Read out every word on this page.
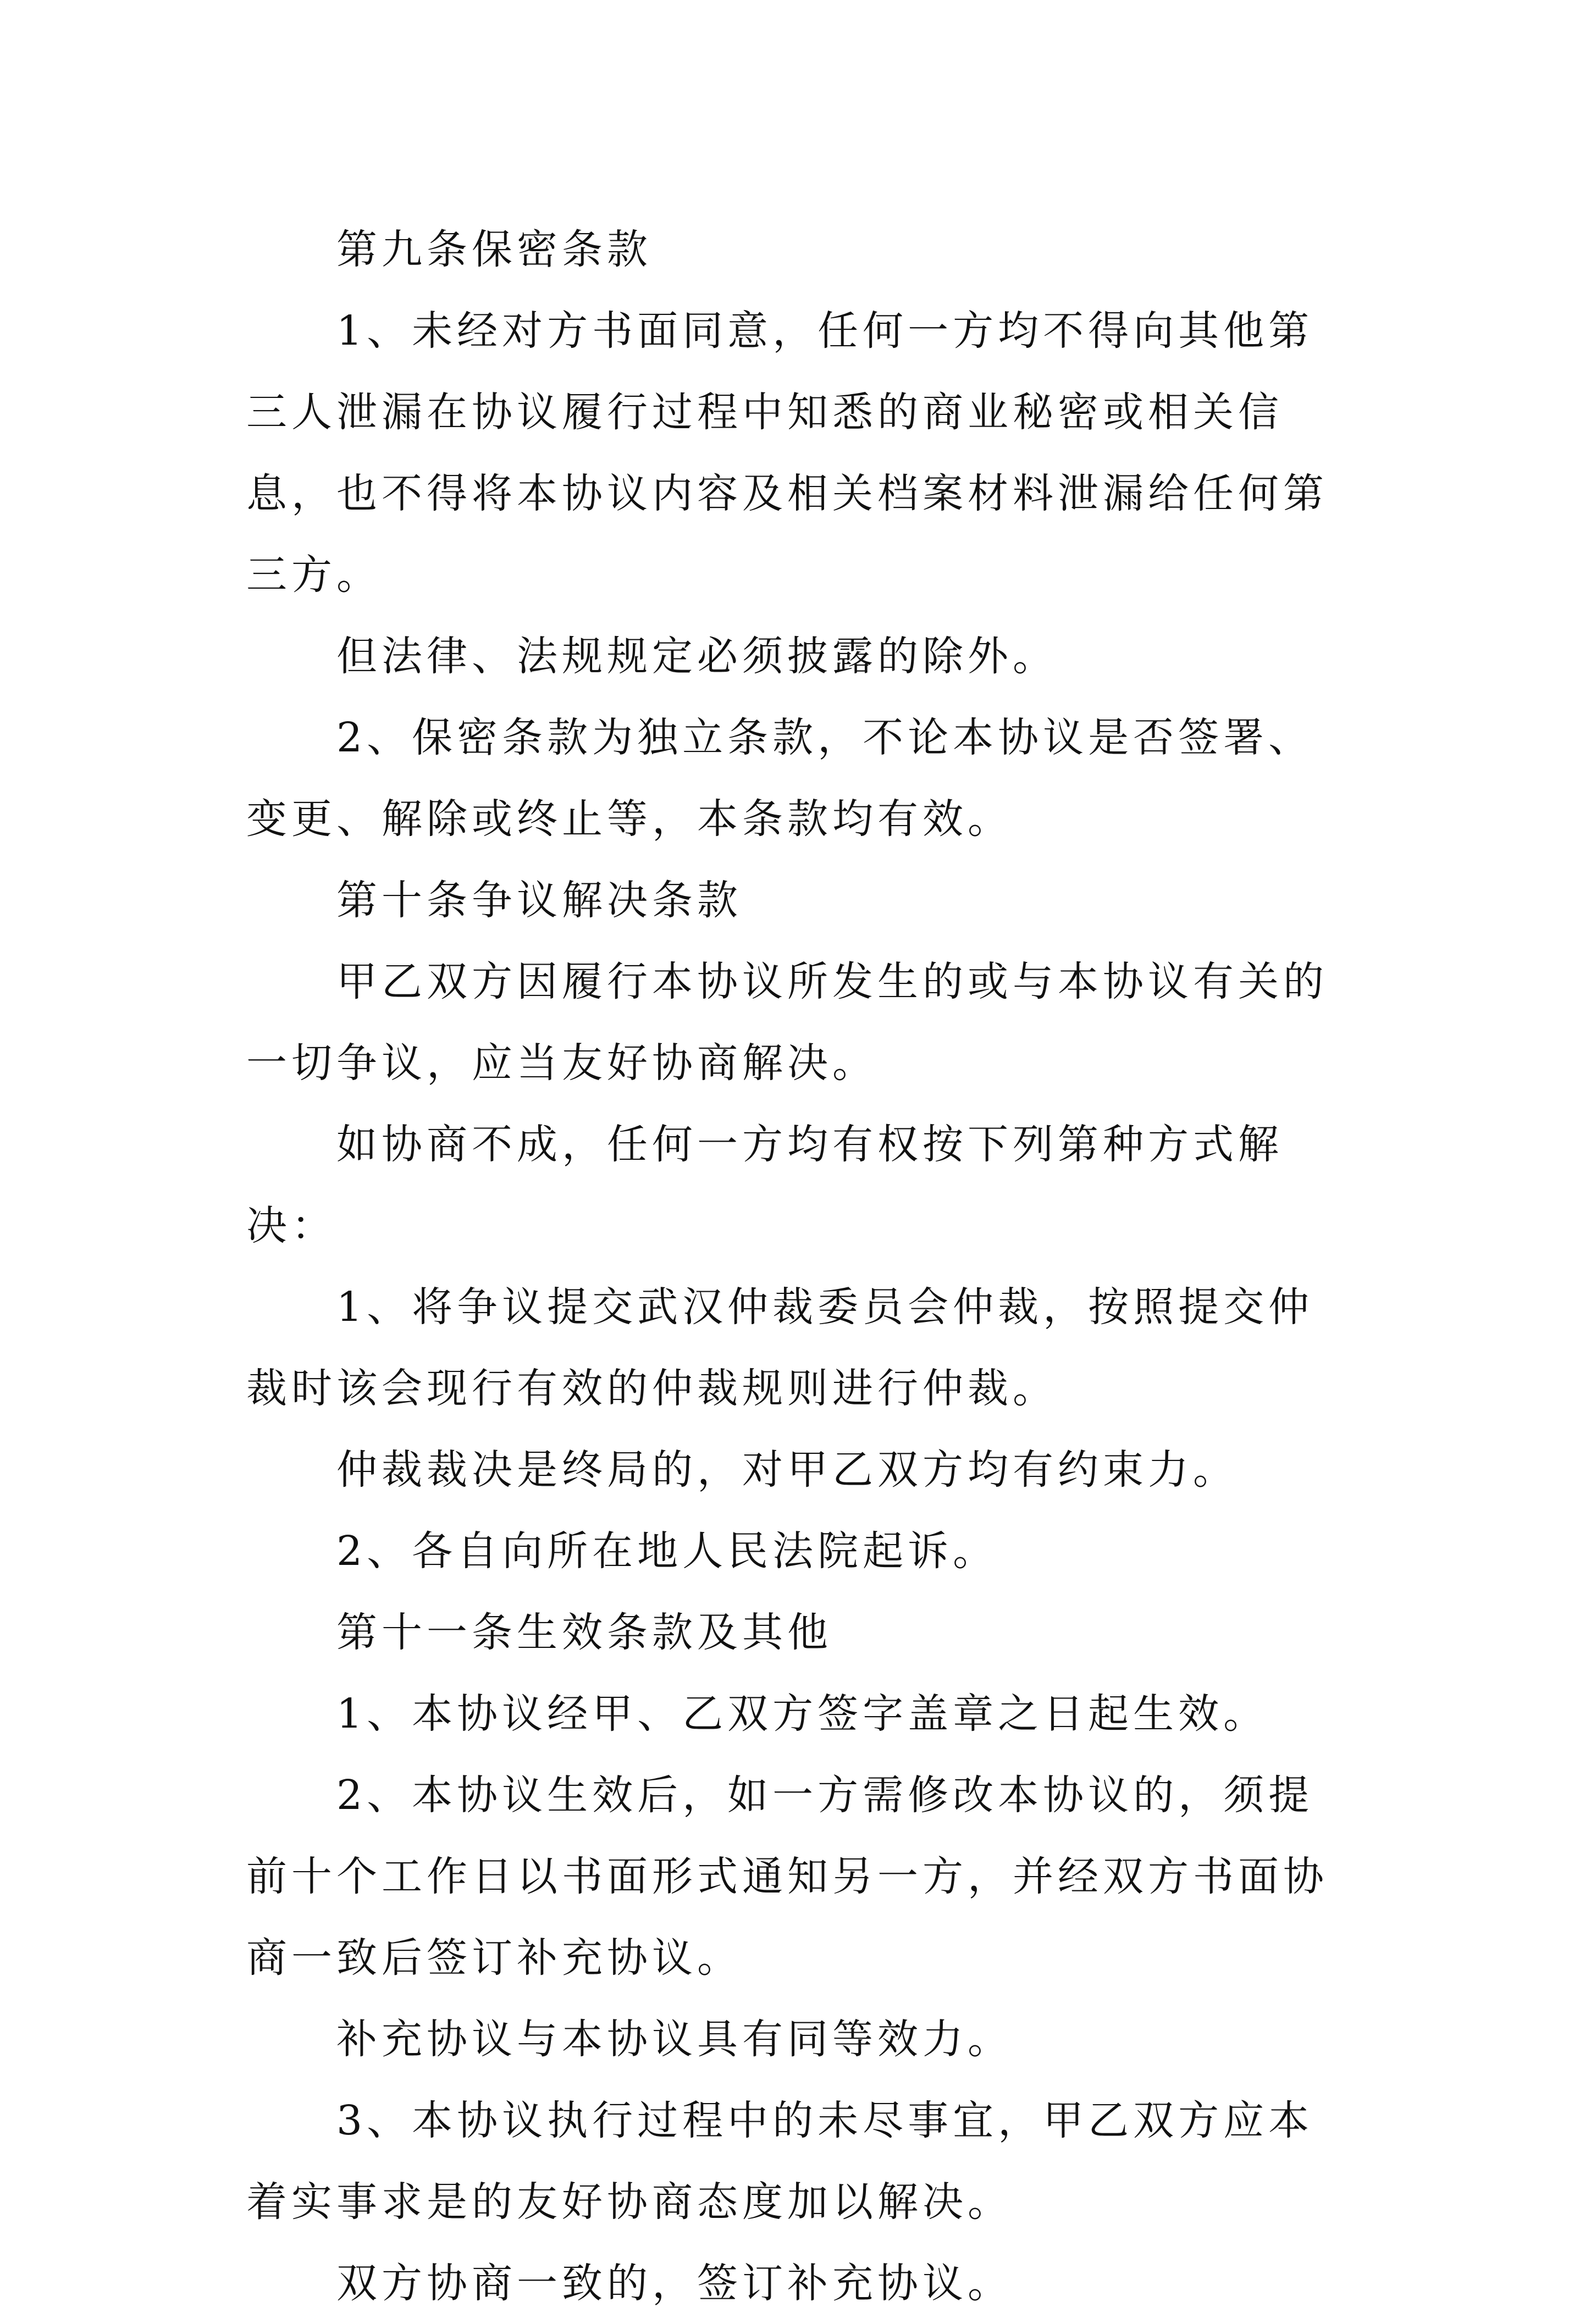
第九条保密条款

1、未经对方书面同意，任何一方均不得向其他第三人泄漏在协议履行过程中知悉的商业秘密或相关信息，也不得将本协议内容及相关档案材料泄漏给任何第三方。

但法律、法规规定必须披露的除外。

2、保密条款为独立条款，不论本协议是否签署、变更、解除或终止等，本条款均有效。

第十条争议解决条款

甲乙双方因履行本协议所发生的或与本协议有关的一切争议，应当友好协商解决。

如协商不成，任何一方均有权按下列第种方式解决：

1、将争议提交武汉仲裁委员会仲裁，按照提交仲裁时该会现行有效的仲裁规则进行仲裁。

仲裁裁决是终局的，对甲乙双方均有约束力。

2、各自向所在地人民法院起诉。

第十一条生效条款及其他

1、本协议经甲、乙双方签字盖章之日起生效。

2、本协议生效后，如一方需修改本协议的，须提前十个工作日以书面形式通知另一方，并经双方书面协商一致后签订补充协议。

补充协议与本协议具有同等效力。

3、本协议执行过程中的未尽事宜，甲乙双方应本着实事求是的友好协商态度加以解决。

双方协商一致的，签订补充协议。
